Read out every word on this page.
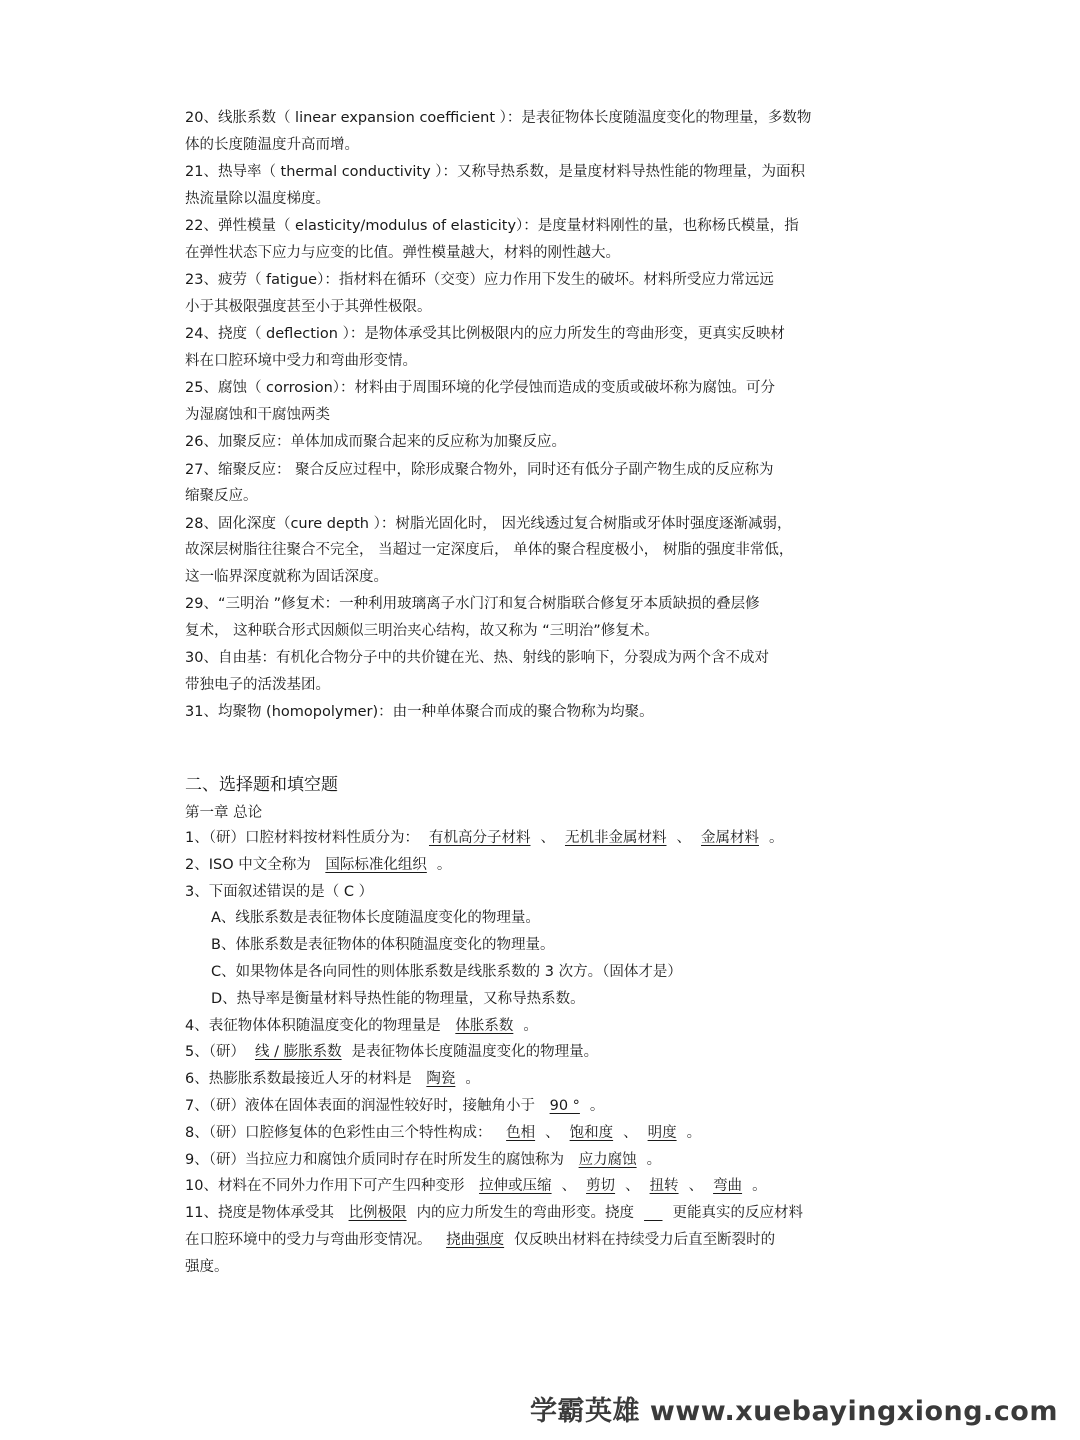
20、线胀系数（ linear expansion coefficient ）：是表征物体长度随温度变化的物理量，多数物
体的长度随温度升高而增。
21、热导率（ thermal conductivity ）：又称导热系数，是量度材料导热性能的物理量，为面积
热流量除以温度梯度。
22、弹性模量（ elasticity/modulus of elasticity）：是度量材料刚性的量，也称杨氏模量，指
在弹性状态下应力与应变的比值。弹性模量越大，材料的刚性越大。
23、疲劳（ fatigue）：指材料在循环（交变）应力作用下发生的破坏。材料所受应力常远远
小于其极限强度甚至小于其弹性极限。
24、挠度（ deflection ）：是物体承受其比例极限内的应力所发生的弯曲形变，更真实反映材
料在口腔环境中受力和弯曲形变情。
25、腐蚀（ corrosion）：材料由于周围环境的化学侵蚀而造成的变质或破坏称为腐蚀。可分
为湿腐蚀和干腐蚀两类
26、加聚反应：单体加成而聚合起来的反应称为加聚反应。
27、缩聚反应： 聚合反应过程中，除形成聚合物外，同时还有低分子副产物生成的反应称为
缩聚反应。
28、固化深度（cure depth ）：树脂光固化时， 因光线透过复合树脂或牙体时强度逐渐减弱，
故深层树脂往往聚合不完全， 当超过一定深度后， 单体的聚合程度极小， 树脂的强度非常低，
这一临界深度就称为固话深度。
29、“三明治 ”修复术：一种利用玻璃离子水门汀和复合树脂联合修复牙本质缺损的叠层修
复术， 这种联合形式因颇似三明治夹心结构，故又称为 “三明治”修复术。
30、自由基：有机化合物分子中的共价键在光、热、射线的影响下，分裂成为两个含不成对
带独电子的活泼基团。
31、均聚物 (homopolymer)：由一种单体聚合而成的聚合物称为均聚。
二、选择题和填空题
第一章 总论
1、（研）口腔材料按材料性质分为： 有机高分子材料 、 无机非金属材料 、 金属材料 。
2、ISO 中文全称为 国际标准化组织 。
3、下面叙述错误的是（ C ）
A、线胀系数是表征物体长度随温度变化的物理量。
B、体胀系数是表征物体的体积随温度变化的物理量。
C、如果物体是各向同性的则体胀系数是线胀系数的 3 次方。（固体才是）
D、热导率是衡量材料导热性能的物理量，又称导热系数。
4、表征物体体积随温度变化的物理量是 体胀系数 。
5、（研） 线 / 膨胀系数 是表征物体长度随温度变化的物理量。
6、热膨胀系数最接近人牙的材料是 陶瓷 。
7、（研）液体在固体表面的润湿性较好时，接触角小于 90 ° 。
8、（研）口腔修复体的色彩性由三个特性构成： 色相 、 饱和度 、 明度 。
9、（研）当拉应力和腐蚀介质同时存在时所发生的腐蚀称为 应力腐蚀 。
10、材料在不同外力作用下可产生四种变形 拉伸或压缩 、 剪切 、 扭转 、 弯曲 。
11、挠度是物体承受其 比例极限 内的应力所发生的弯曲形变。挠度	更能真实的反应材料
在口腔环境中的受力与弯曲形变情况。 挠曲强度 仅反映出材料在持续受力后直至断裂时的
强度。
学霸英雄 www.xuebayingxiong.com
